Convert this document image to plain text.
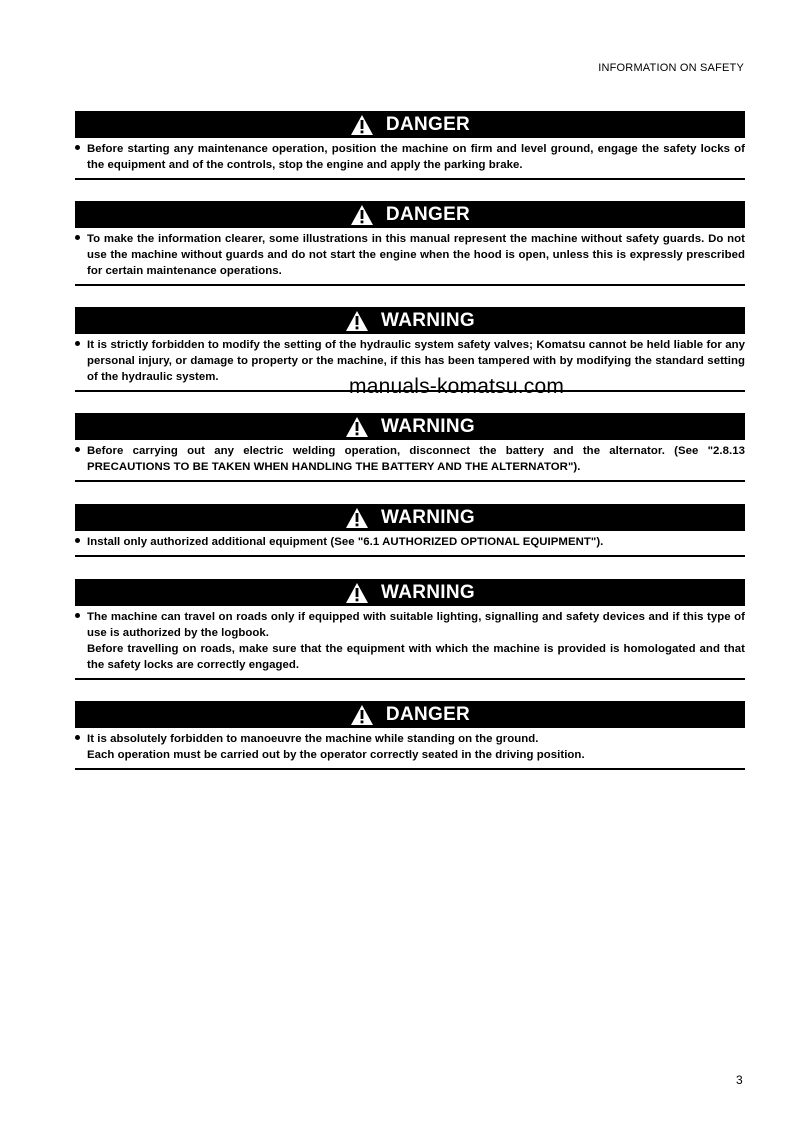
INFORMATION ON SAFETY
DANGER

Before starting any maintenance operation, position the machine on firm and level ground, engage the safety locks of the equipment and of the controls, stop the engine and apply the parking brake.

DANGER

To make the information clearer, some illustrations in this manual represent the machine without safety guards. Do not use the machine without guards and do not start the engine when the hood is open, unless this is expressly prescribed for certain maintenance operations.

WARNING

It is strictly forbidden to modify the setting of the hydraulic system safety valves; Komatsu cannot be held liable for any personal injury, or damage to property or the machine, if this has been tampered with by modifying the standard setting of the hydraulic system.	manuals-komatsu.com
WARNING

Before carrying out any electric welding operation, disconnect the battery and the alternator. (See "2.8.13 PRECAUTIONS TO BE TAKEN WHEN HANDLING THE BATTERY AND THE ALTERNATOR").

WARNING

Install only authorized additional equipment (See "6.1 AUTHORIZED OPTIONAL EQUIPMENT").

WARNING

The machine can travel on roads only if equipped with suitable lighting, signalling and safety devices and if this type of use is authorized by the logbook.

Before travelling on roads, make sure that the equipment with which the machine is provided is homologated and that the safety locks are correctly engaged.

DANGER

It is absolutely forbidden to manoeuvre the machine while standing on the ground.

Each operation must be carried out by the operator correctly seated in the driving position.

3
